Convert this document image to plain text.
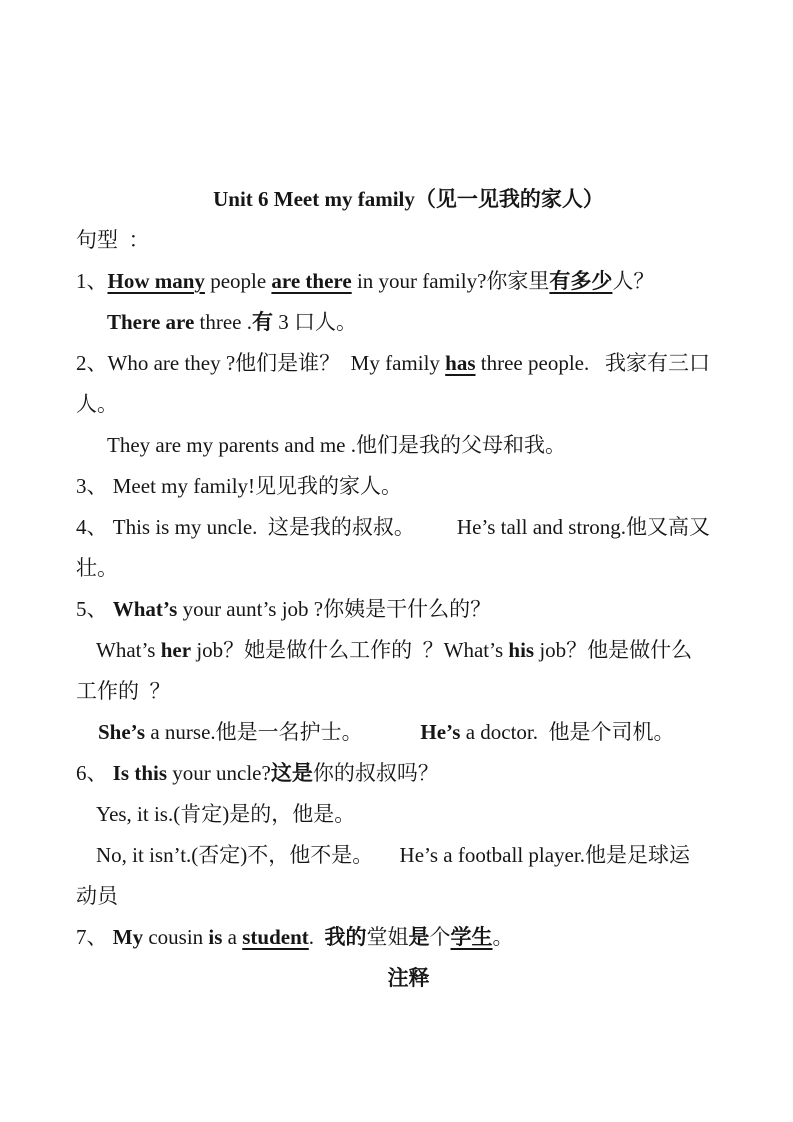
Unit 6 Meet my family（见一见我的家人）

句型  ：

1、How many people are there in your family?你家里有多少人？

There are three .有 3 口人。

2、Who are they ?他们是谁？  My family has three people.   我家有三口

人。

They are my parents and me .他们是我的父母和我。

3、 Meet my family!见见我的家人。

4、 This is my uncle.  这是我的叔叔。        He’s tall and strong.他又高又

壮。

5、 What’s your aunt’s job ?你姨是干什么的？

What’s her job？她是做什么工作的  ？What’s his job？他是做什么

工作的  ？

She’s a nurse.他是一名护士。           He’s a doctor.  他是个司机。

6、 Is this your uncle?这是你的叔叔吗？

Yes, it is.(肯定)是的，他是。

No, it isn’t.(否定)不，他不是。     He’s a football player.他是足球运

动员

7、 My cousin is a student.  我的堂姐是个学生。

注释
